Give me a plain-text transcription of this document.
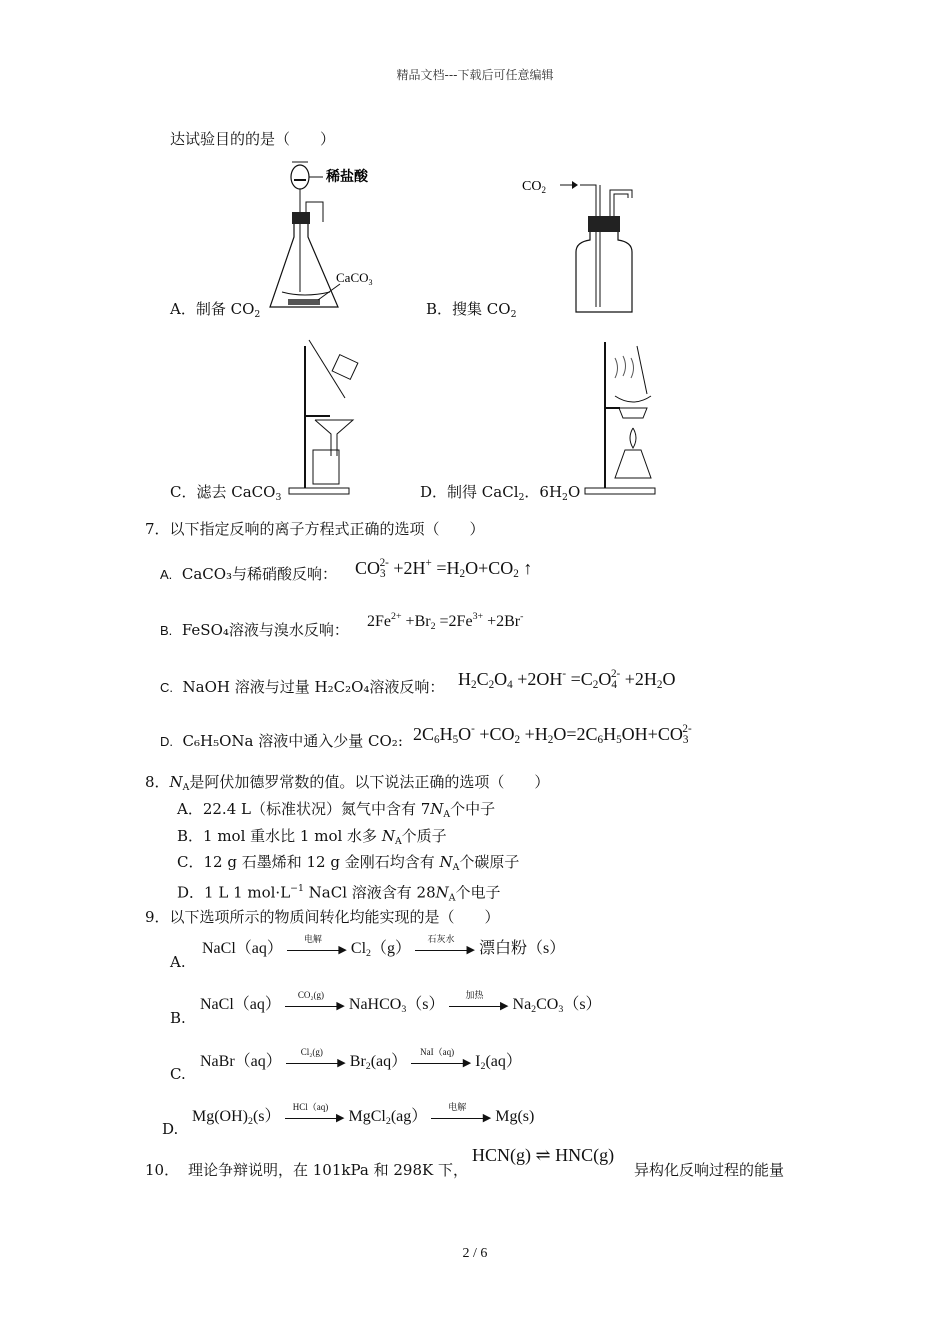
精品文档---下载后可任意编辑
达试验目的的是（　　）
稀盐酸
CaCO$_3$
A．制备 $CO_2$
$CO_2$
B．搜集 $CO_2$
C．滤去 CaCO$_3$	D．制得 CaCl$_2$．$6H_2O$
7．以下指定反响的离子方程式正确的选项（　　）
A. CaCO₃与稀硝酸反响： $CO_3^{2-} +2H^+ =H_2O+CO_2$ ↑
B. FeSO₄溶液与溴水反响： $2Fe^{2+} +Br_2 =2Fe^{3+} +2Br^-$
C. NaOH 溶液与过量 H₂C₂O₄溶液反响： $H_2C_2O_4 +2OH^- =C_2O_4^{2-} +2H_2O$
D. C₆H₅ONa 溶液中通入少量 CO₂: $2C_6H_5O^- +CO_2 +H_2O=2C_6H_5OH+CO_3^{2-}$
8．$N_A$是阿伏加德罗常数的值。以下说法正确的选项（　　）
A．22.4 L（标准状况）氮气中含有 $7N_A$个中子
B．1 mol 重水比 1 mol 水多 $N_A$个质子
C．12 g 石墨烯和 12 g 金刚石均含有 $N_A$个碳原子
D．1 L 1 $mol\cdot L^{-1}$ NaCl 溶液含有 $28N_A$个电子
9．以下选项所示的物质间转化均能实现的是（　　）
A.
NaCl（aq）
电解
▶ $Cl_2(g)$
石灰水
▶ 漂白粉（s）
B.
NaCl（aq）
CO₂(g)
▶ NaHCO$_3$（s）
加热
▶ $Na_2CO_3(s)$
C.
NaBr（aq）
Cl₂(g)
▶ $Br_2(aq)$
NaI（aq)
▶ $I_2(aq)$
D.
$Mg(OH)_2(s)$
HCl（aq)
▶ MgCl$_2$(ag）
电解
▶ Mg(s)
10． 理论争辩说明，在 101kPa 和 298K 下，
HCN(g) ⇌ HNC(g)
异构化反响过程的能量
2 / 6
